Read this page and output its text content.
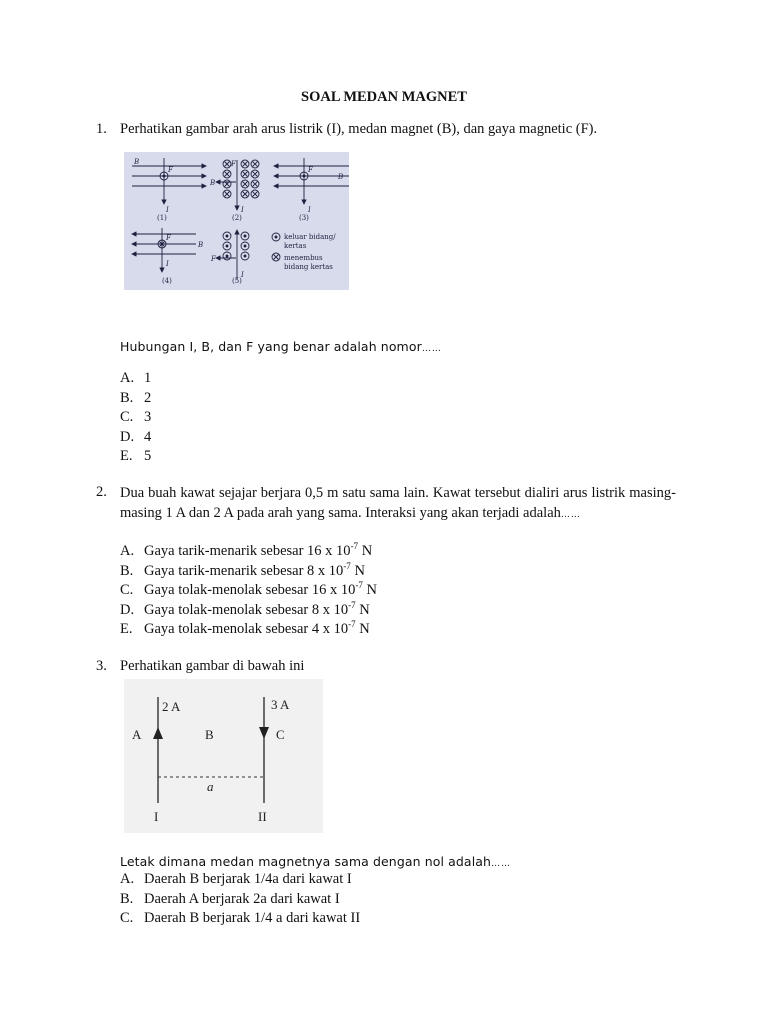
SOAL MEDAN MAGNET
1. Perhatikan gambar arah arus listrik (I), medan magnet (B), dan gaya magnetic (F).
B
F
I
(1)
B
F
I
(2)
B
F
I
(3)
B
F
I
(4)
F
I
(5)
keluar bidang/
kertas
menembus
bidang kertas
Hubungan I, B, dan F yang benar adalah nomor……
A. 1
B. 2
C. 3
D. 4
E. 5
2. Dua buah kawat sejajar berjara 0,5 m satu sama lain. Kawat tersebut dialiri arus listrik masing-masing 1 A dan 2 A pada arah yang sama. Interaksi yang akan terjadi adalah……
A. Gaya tarik-menarik sebesar 16 x $10^{-7}$ N
B. Gaya tarik-menarik sebesar 8 x $10^{-7}$ N
C. Gaya tolak-menolak sebesar 16 x $10^{-7}$ N
D. Gaya tolak-menolak sebesar 8 x $10^{-7}$ N
E. Gaya tolak-menolak sebesar 4 x $10^{-7}$ N
3. Perhatikan gambar di bawah ini
2 A	3 A
A	B	C
a
I	II
Letak dimana medan magnetnya sama dengan nol adalah……
A. Daerah B berjarak 1/4a dari kawat I
B. Daerah A berjarak 2a dari kawat I
C. Daerah B berjarak 1/4 a dari kawat II
